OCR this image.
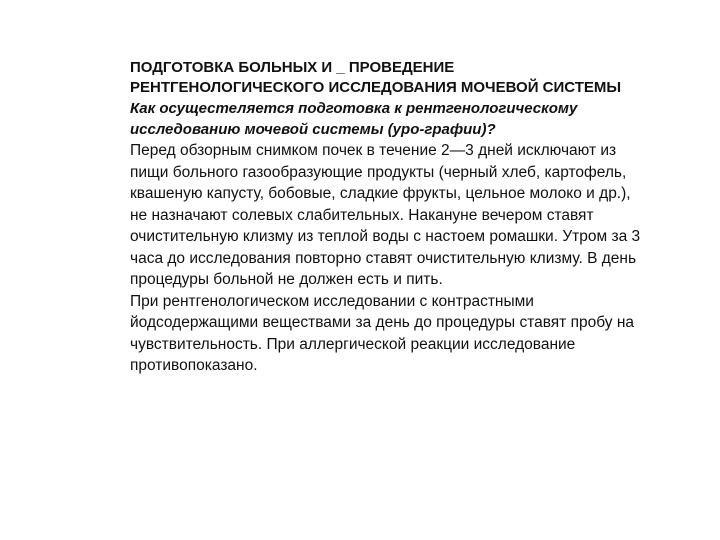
ПОДГОТОВКА БОЛЬНЫХ И _ ПРОВЕДЕНИЕ РЕНТГЕНОЛОГИЧЕСКОГО ИССЛЕДОВАНИЯ МОЧЕВОЙ СИСТЕМЫ

Как осущестеляется подготовка к рентгенологическому исследованию мочевой системы (уро-графии)?

Перед обзорным снимком почек в течение 2—3 дней исключают из пищи больного газообразующие продукты (черный хлеб, картофель, квашеную капусту, бобовые, сладкие фрукты, цельное молоко и др.), не назначают солевых слабительных. Накануне вечером ставят очистительную клизму из теплой воды с настоем ромашки. Утром за 3 часа до исследования повторно ставят очистительную клизму. В день процедуры больной не должен есть и пить.

При рентгенологическом исследовании с контрастными йодсодержащими веществами за день до процедуры ставят пробу на чувствительность. При аллергической реакции исследование противопоказано.
